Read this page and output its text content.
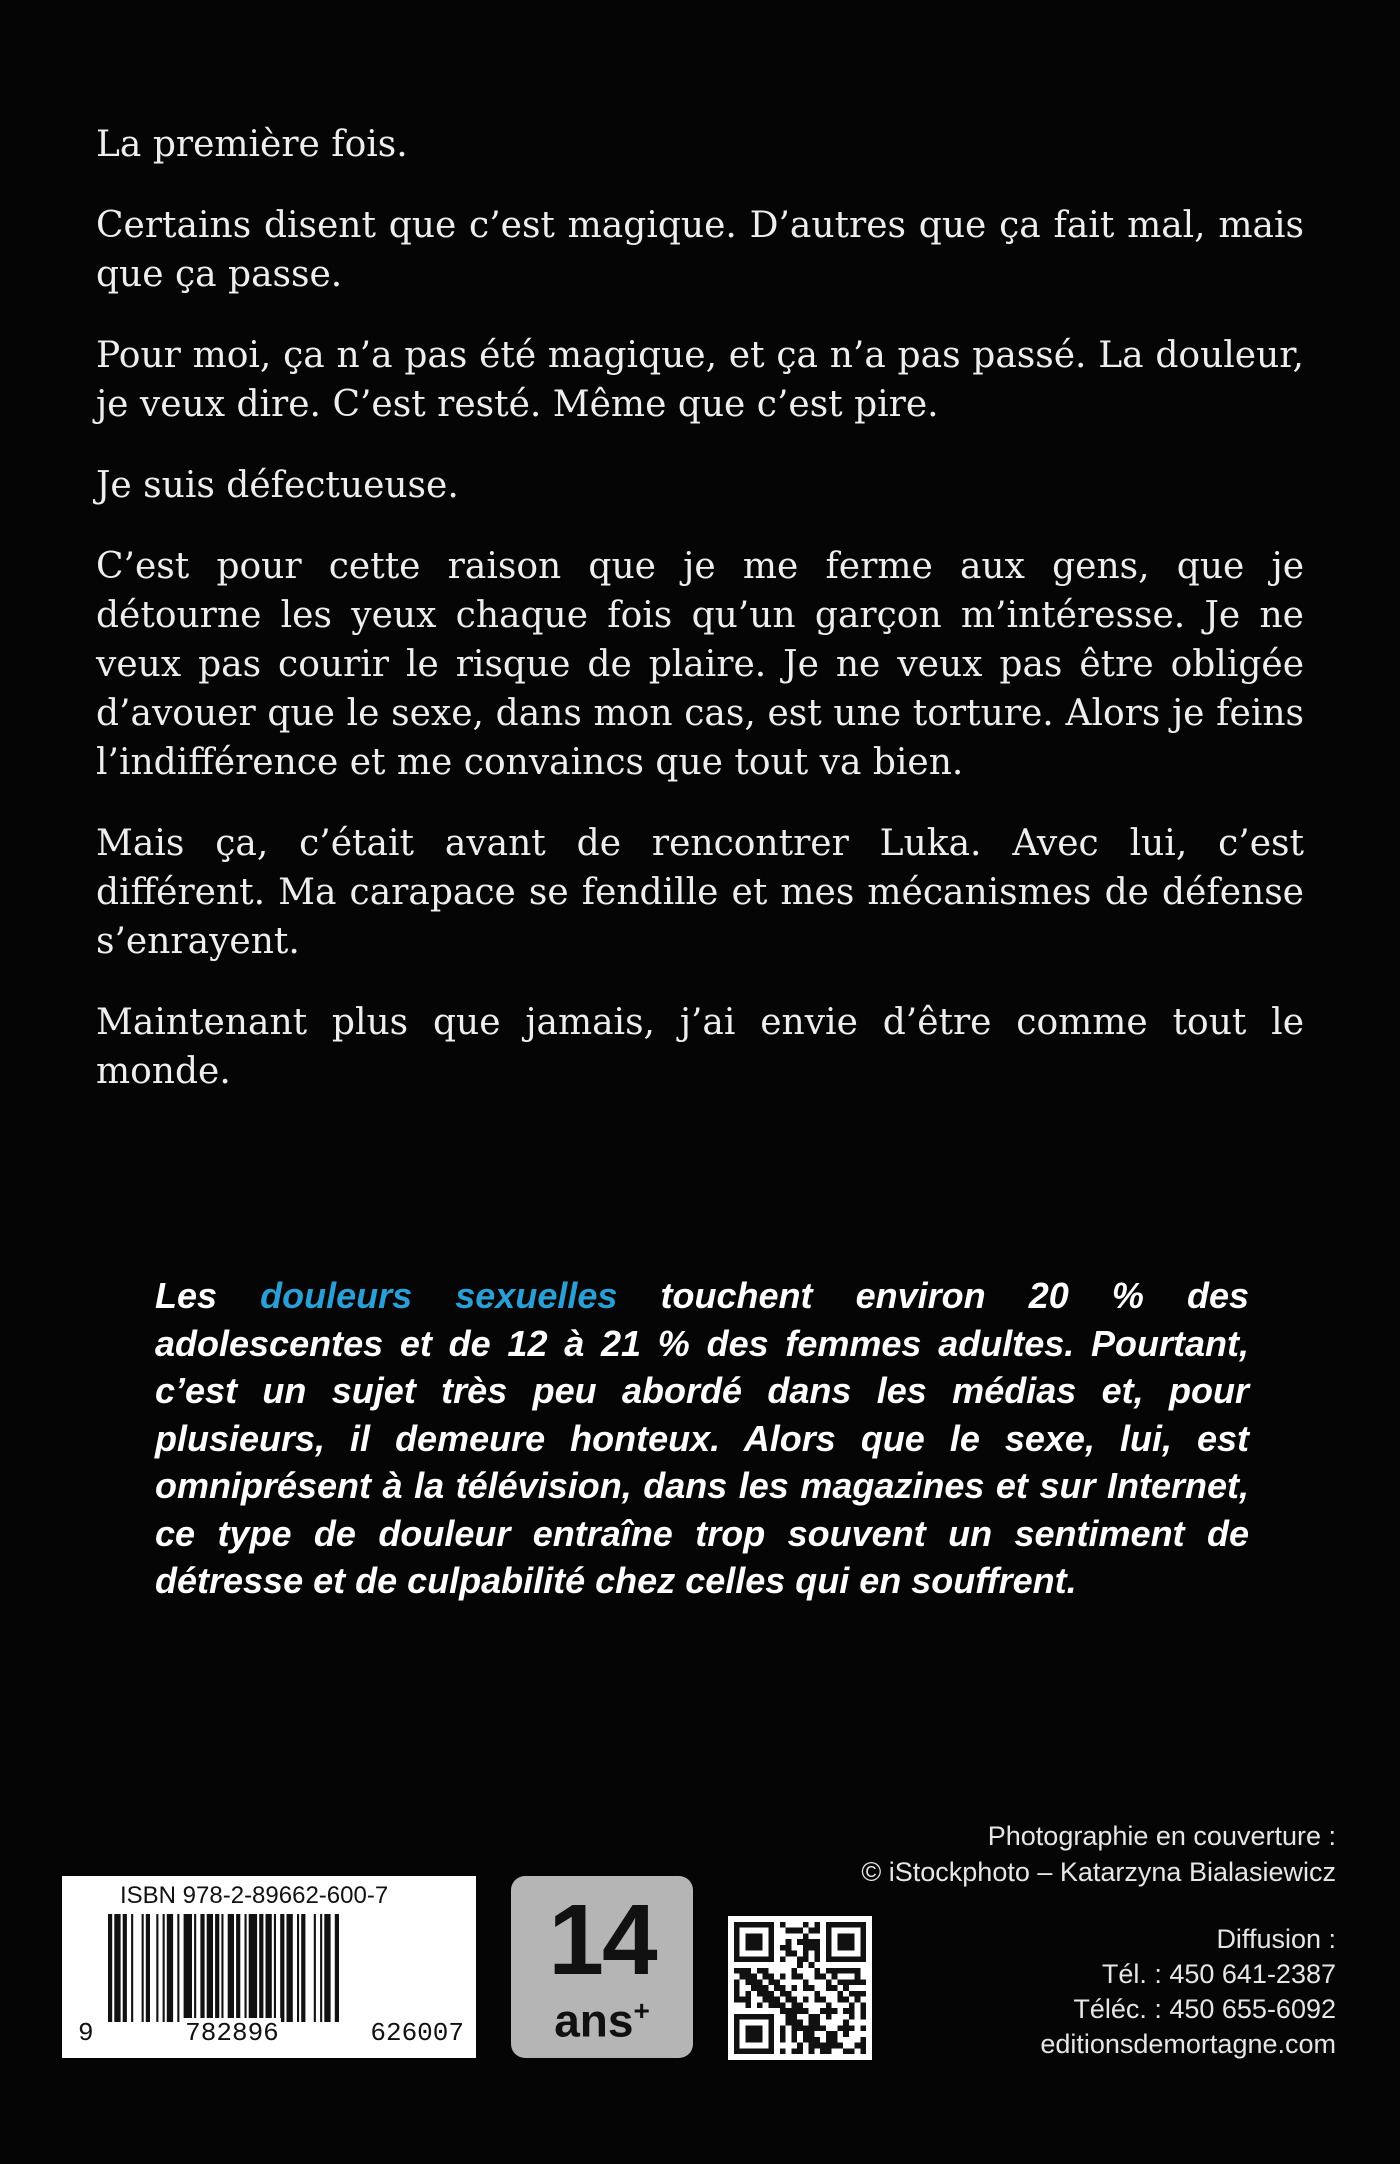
La première fois.

Certains disent que c’est magique. D’autres que ça fait mal, mais que ça passe.

Pour moi, ça n’a pas été magique, et ça n’a pas passé. La douleur, je veux dire. C’est resté. Même que c’est pire.

Je suis défectueuse.

C’est pour cette raison que je me ferme aux gens, que je détourne les yeux chaque fois qu’un garçon m’intéresse. Je ne veux pas courir le risque de plaire. Je ne veux pas être obligée d’avouer que le sexe, dans mon cas, est une torture. Alors je feins l’indifférence et me convaincs que tout va bien.

Mais ça, c’était avant de rencontrer Luka. Avec lui, c’est différent. Ma carapace se fendille et mes mécanismes de défense s’enrayent.

Maintenant plus que jamais, j’ai envie d’être comme tout le monde.

Les douleurs sexuelles touchent environ 20 % des adolescentes et de 12 à 21 % des femmes adultes. Pourtant, c’est un sujet très peu abordé dans les médias et, pour plusieurs, il demeure honteux. Alors que le sexe, lui, est omniprésent à la télévision, dans les magazines et sur Internet, ce type de douleur entraîne trop souvent un sentiment de détresse et de culpabilité chez celles qui en souffrent.
Photographie en couverture :
© iStockphoto – Katarzyna Bialasiewicz
Diffusion :
Tél. : 450 641-2387
Téléc. : 450 655-6092
editionsdemortagne.com
ISBN 978-2-89662-600-7
9	782896	626007
14
ans+
